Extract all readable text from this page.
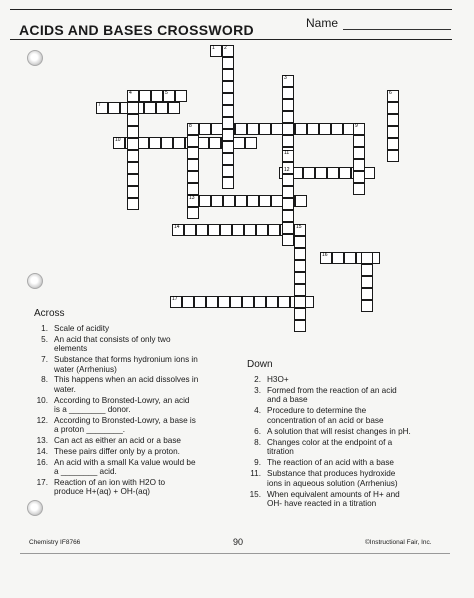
ACIDS AND BASES CROSSWORD	Name
1 2
3
4	5	6
7
8	9
10
11
12
13
14	15
16
17
Across
Down
1. Scale of acidity
5. An acid that consists of only two
elements
7. Substance that forms hydronium ions in
water (Arrhenius)
8. This happens when an acid dissolves in
water.
10. According to Bronsted-Lowry, an acid
is a ________ donor.
12. According to Bronsted-Lowry, a base is
a proton ________.
13. Can act as either an acid or a base
14. These pairs differ only by a proton.
16. An acid with a small Ka value would be
a ________ acid.
17. Reaction of an ion with H2O to
produce H+(aq) + OH-(aq)
2. H3O+
3. Formed from the reaction of an acid
and a base
4. Procedure to determine the
concentration of an acid or base
6. A solution that will resist changes in pH.
8. Changes color at the endpoint of a
titration
9. The reaction of an acid with a base
11. Substance that produces hydroxide
ions in aqueous solution (Arrhenius)
15. When equivalent amounts of H+ and
OH- have reacted in a titration
Chemistry IF8766	90	©Instructional Fair, Inc.
